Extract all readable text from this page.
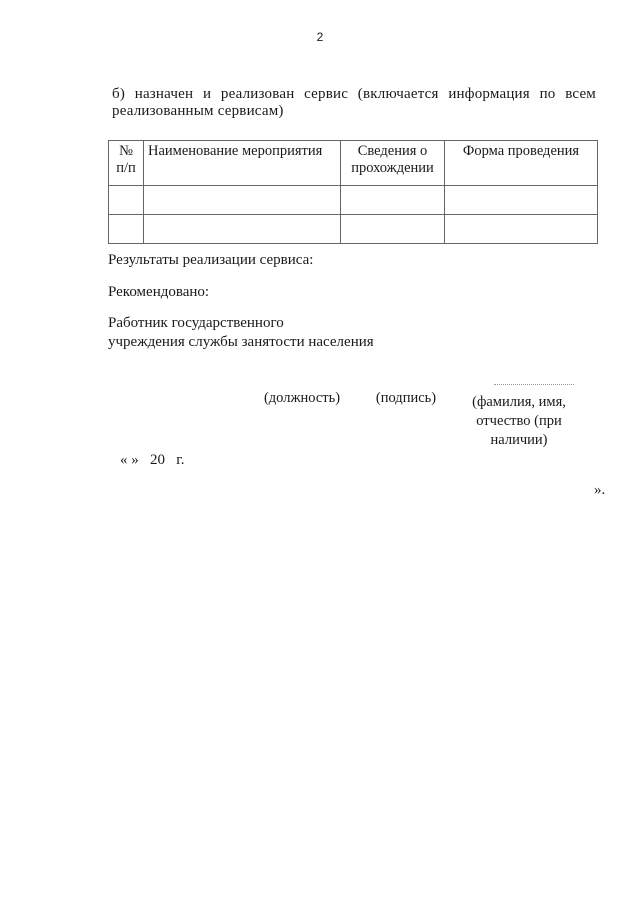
2
б) назначен и реализован сервис (включается информация по всем
реализованным сервисам)
№ п/п	Наименование мероприятия	Сведения о прохождении	Форма проведения

Результаты реализации сервиса:
Рекомендовано:
Работник государственного
учреждения службы занятости населения
(должность)	(подпись)	(фамилия, имя, отчество (при наличии)
« »   20   г.
».
